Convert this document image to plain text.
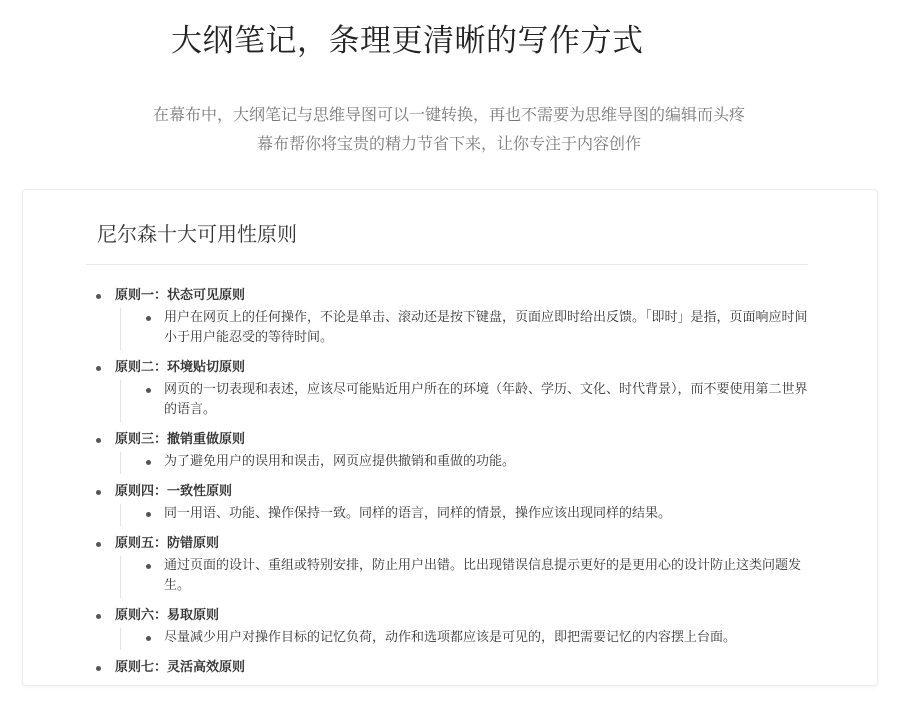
大纲笔记，条理更清晰的写作方式
在幕布中，大纲笔记与思维导图可以一键转换，再也不需要为思维导图的编辑而头疼
幕布帮你将宝贵的精力节省下来，让你专注于内容创作
尼尔森十大可用性原则
原则一：状态可见原则
用户在网页上的任何操作，不论是单击、滚动还是按下键盘，页面应即时给出反馈。「即时」是指，页面响应时间小于用户能忍受的等待时间。
原则二：环境贴切原则
网页的一切表现和表述，应该尽可能贴近用户所在的环境（年龄、学历、文化、时代背景），而不要使用第二世界的语言。
原则三：撤销重做原则
为了避免用户的误用和误击，网页应提供撤销和重做的功能。
原则四：一致性原则
同一用语、功能、操作保持一致。同样的语言，同样的情景，操作应该出现同样的结果。
原则五：防错原则
通过页面的设计、重组或特别安排，防止用户出错。比出现错误信息提示更好的是更用心的设计防止这类问题发生。
原则六：易取原则
尽量减少用户对操作目标的记忆负荷，动作和选项都应该是可见的，即把需要记忆的内容摆上台面。
原则七：灵活高效原则
